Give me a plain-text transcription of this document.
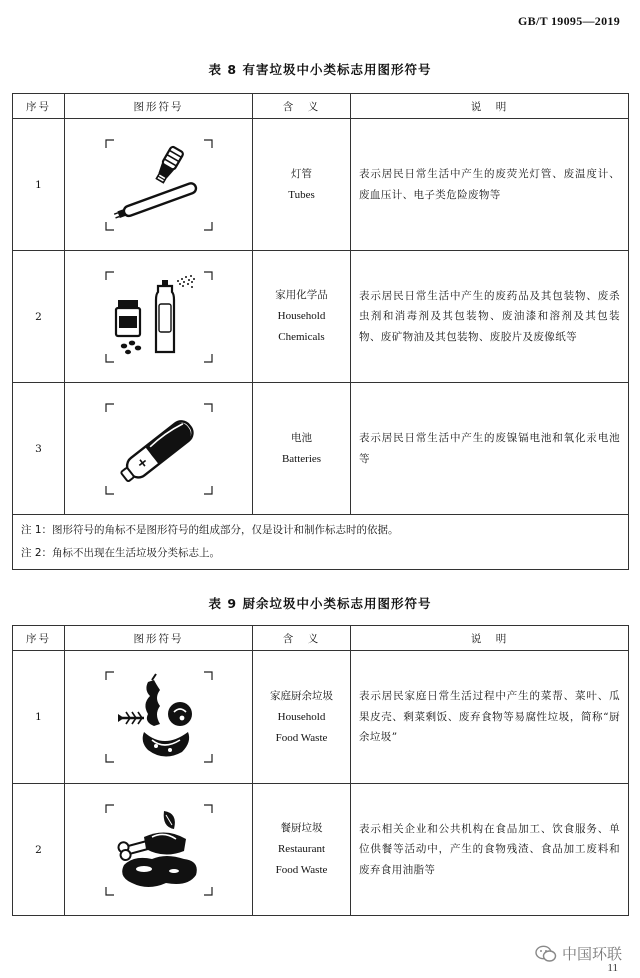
GB/T 19095—2019
表 8 有害垃圾中小类标志用图形符号
序号	图形符号	含　义	说　明
1		灯管
Tubes	表示居民日常生活中产生的废荧光灯管、废温度计、废血压计、电子类危险废物等
2		家用化学品
Household
Chemicals	表示居民日常生活中产生的废药品及其包装物、废杀虫剂和消毒剂及其包装物、废油漆和溶剂及其包装物、废矿物油及其包装物、废胶片及废像纸等
3		电池
Batteries	表示居民日常生活中产生的废镍镉电池和氧化汞电池等

注 1：图形符号的角标不是图形符号的组成部分，仅是设计和制作标志时的依据。
注 2：角标不出现在生活垃圾分类标志上。			
表 9 厨余垃圾中小类标志用图形符号
序号	图形符号	含　义	说　明
1		家庭厨余垃圾
Household
Food Waste	表示居民家庭日常生活过程中产生的菜帮、菜叶、瓜果皮壳、剩菜剩饭、废弃食物等易腐性垃圾，简称“厨余垃圾”
2		餐厨垃圾
Restaurant
Food Waste	表示相关企业和公共机构在食品加工、饮食服务、单位供餐等活动中，产生的食物残渣、食品加工废料和废弃食用油脂等
中国环联
11
